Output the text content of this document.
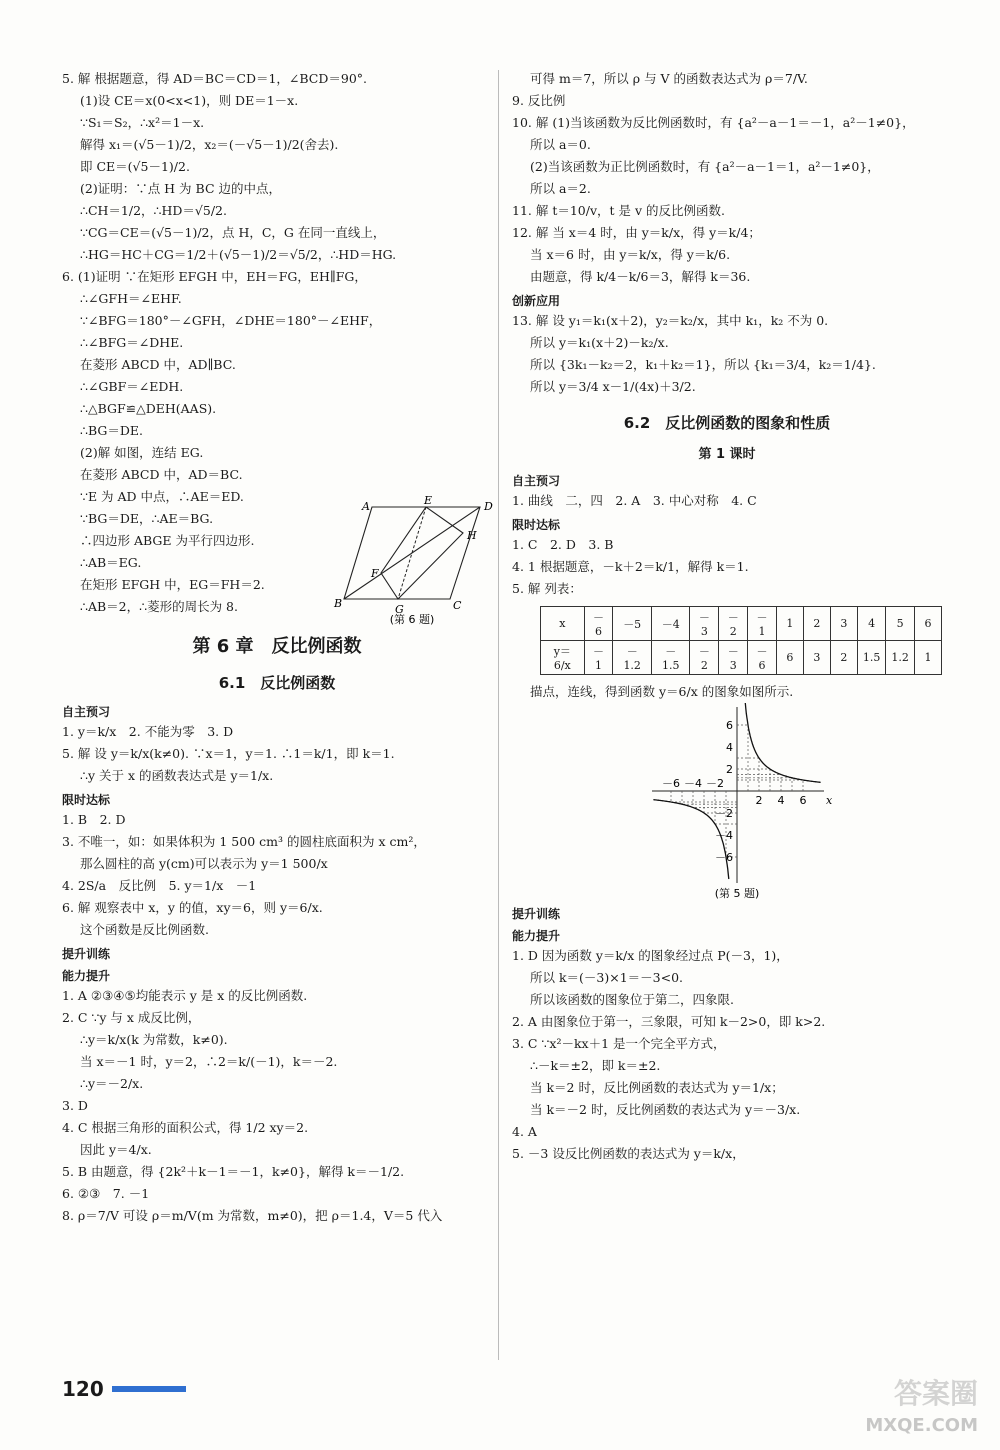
5. 解 根据题意，得 AD＝BC＝CD＝1，∠BCD＝90°.
(1)设 CE＝x(0<x<1)，则 DE＝1－x.
∵S₁＝S₂，∴x²＝1－x.
解得 x₁＝(√5－1)/2，x₂＝(－√5－1)/2(舍去).
即 CE＝(√5－1)/2.
(2)证明：∵点 H 为 BC 边的中点，
∴CH＝1/2，∴HD＝√5/2.
∵CG＝CE＝(√5－1)/2，点 H，C，G 在同一直线上，
∴HG＝HC＋CG＝1/2＋(√5－1)/2＝√5/2，∴HD＝HG.
6. (1)证明 ∵在矩形 EFGH 中，EH＝FG，EH∥FG，
∴∠GFH＝∠EHF.
∵∠BFG＝180°－∠GFH，∠DHE＝180°－∠EHF，
∴∠BFG＝∠DHE.
在菱形 ABCD 中，AD∥BC.
∴∠GBF＝∠EDH.
∴△BGF≌△DEH(AAS).
∴BG＝DE.
(2)解 如图，连结 EG.
在菱形 ABCD 中，AD＝BC.
∵E 为 AD 中点，∴AE＝ED.
∵BG＝DE，∴AE＝BG.
∴四边形 ABGE 为平行四边形.
∴AB＝EG.
在矩形 EFGH 中，EG＝FH＝2.
∴AB＝2，∴菱形的周长为 8.
第 6 章　反比例函数
6.1　反比例函数
自主预习
1. y＝k/x　2. 不能为零　3. D
5. 解 设 y＝k/x(k≠0). ∵x＝1，y＝1. ∴1＝k/1，即 k＝1.
∴y 关于 x 的函数表达式是 y＝1/x.
限时达标
1. B　2. D
3. 不唯一，如：如果体积为 1 500 cm³ 的圆柱底面积为 x cm²，
那么圆柱的高 y(cm)可以表示为 y＝1 500/x
4. 2S/a　反比例　5. y＝1/x　－1
6. 解 观察表中 x，y 的值，xy＝6，则 y＝6/x.
这个函数是反比例函数.
提升训练
能力提升
1. A ②③④⑤均能表示 y 是 x 的反比例函数.
2. C ∵y 与 x 成反比例，
∴y＝k/x(k 为常数，k≠0).
当 x＝－1 时，y＝2，∴2＝k/(－1)，k＝－2.
∴y＝－2/x.
3. D
4. C 根据三角形的面积公式，得 1/2 xy＝2.
因此 y＝4/x.
5. B 由题意，得 {2k²＋k－1＝－1，k≠0}，解得 k＝－1/2.
6. ②③　7. －1
8. ρ＝7/V 可设 ρ＝m/V(m 为常数，m≠0)，把 ρ＝1.4，V＝5 代入
可得 m＝7，所以 ρ 与 V 的函数表达式为 ρ＝7/V.
9. 反比例
10. 解 (1)当该函数为反比例函数时，有 {a²－a－1＝－1，a²－1≠0}，
所以 a＝0.
(2)当该函数为正比例函数时，有 {a²－a－1＝1，a²－1≠0}，
所以 a＝2.
11. 解 t＝10/v，t 是 v 的反比例函数.
12. 解 当 x＝4 时，由 y＝k/x，得 y＝k/4；
当 x＝6 时，由 y＝k/x，得 y＝k/6.
由题意，得 k/4－k/6＝3，解得 k＝36.
创新应用
13. 解 设 y₁＝k₁(x＋2)，y₂＝k₂/x，其中 k₁，k₂ 不为 0.
所以 y＝k₁(x＋2)－k₂/x.
所以 {3k₁－k₂＝2，k₁＋k₂＝1}，所以 {k₁＝3/4，k₂＝1/4}.
所以 y＝3/4 x－1/(4x)＋3/2.
6.2　反比例函数的图象和性质
第 1 课时
自主预习
1. 曲线　二，四　2. A　3. 中心对称　4. C
限时达标
1. C　2. D　3. B
4. 1 根据题意，－k＋2＝k/1，解得 k＝1.
5. 解 列表：
x	－6	－5	－4	－3	－2	－1	1	2	3	4	5	6
y＝6/x	－1	－1.2	－1.5	－2	－3	－6	6	3	2	1.5	1.2	1
描点，连线，得到函数 y＝6/x 的图象如图所示.
－6 －4 －2
2 4 6
6
4
2
－2
－4
－6
x
(第 5 题)
提升训练
能力提升
1. D 因为函数 y＝k/x 的图象经过点 P(－3，1)，
所以 k＝(－3)×1＝－3<0.
所以该函数的图象位于第二，四象限.
2. A 由图象位于第一，三象限，可知 k－2>0，即 k>2.
3. C ∵x²－kx＋1 是一个完全平方式，
∴－k＝±2，即 k＝±2.
当 k＝2 时，反比例函数的表达式为 y＝1/x；
当 k＝－2 时，反比例函数的表达式为 y＝－3/x.
4. A
5. －3 设反比例函数的表达式为 y＝k/x，
A	E	D
H
F
B	G	C
(第 6 题)
120	答案圈
MXQE.COM
